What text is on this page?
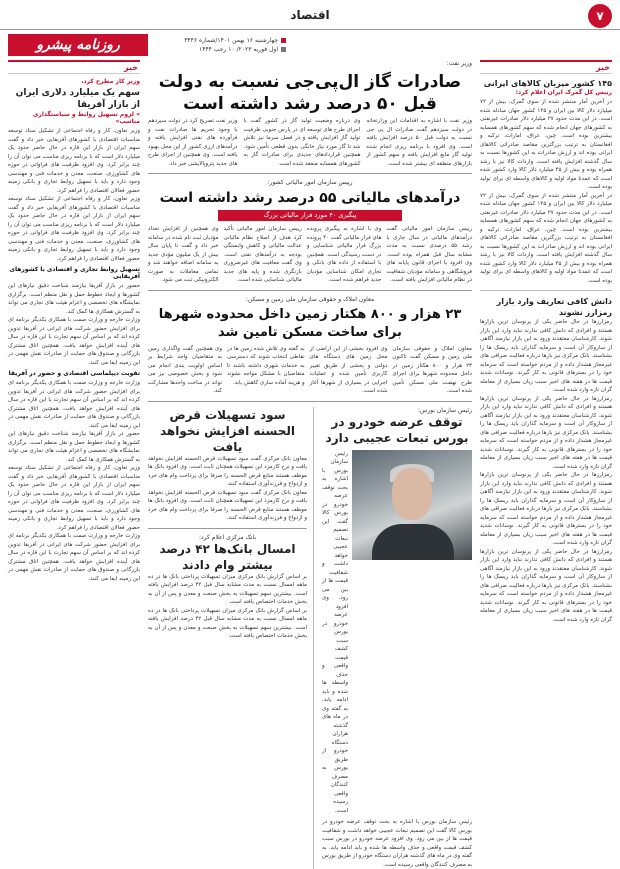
۷
اقتصاد
روزنامه پیشرو	چهارشنبه ۱۶ بهمن ۱۴۰۱/شماره ۳۴۴۶
اول فوریه ۲۰۲۳/ ۱۰ رجب ۱۴۴۴
خبر
۱۴۵ کشور میزبان کالاهای ایرانی
رییس کل گمرک ایران اعلام کرد:

در آخرین آمار منتشر شده از سوی گمرک، بیش از ۷۲ میلیارد دلار کالا بین ایران و ۱۴۵ کشور جهان مبادله شده است. در این مدت حدود ۲۷ میلیارد دلار صادرات غیرنفتی به کشورهای جهان انجام شده که سهم کشورهای همسایه بیشترین بوده است. چین، عراق، امارات، ترکیه و افغانستان به ترتیب بزرگترین مقاصد صادراتی کالاهای ایرانی بوده اند و ارزش صادرات به این کشورها نسبت به سال گذشته افزایش یافته است. واردات کالا نیز با رشد همراه بوده و بیش از ۴۵ میلیارد دلار کالا وارد کشور شده است که عمدتا مواد اولیه و کالاهای واسطه ای برای تولید بوده است.

در آخرین آمار منتشر شده از سوی گمرک، بیش از ۷۲ میلیارد دلار کالا بین ایران و ۱۴۵ کشور جهان مبادله شده است. در این مدت حدود ۲۷ میلیارد دلار صادرات غیرنفتی به کشورهای جهان انجام شده که سهم کشورهای همسایه بیشترین بوده است. چین، عراق، امارات، ترکیه و افغانستان به ترتیب بزرگترین مقاصد صادراتی کالاهای ایرانی بوده اند و ارزش صادرات به این کشورها نسبت به سال گذشته افزایش یافته است. واردات کالا نیز با رشد همراه بوده و بیش از ۴۵ میلیارد دلار کالا وارد کشور شده است که عمدتا مواد اولیه و کالاهای واسطه ای برای تولید بوده است.

دانش کافی تعاریف وارد بازار رمزارز نشوند

رمزارزها در حال حاضر یکی از پرنوسان ترین بازارها هستند و افرادی که دانش کافی ندارند نباید وارد این بازار شوند. کارشناسان معتقدند ورود به این بازار نیازمند آگاهی از سازوکار آن است و سرمایه گذاران باید ریسک ها را بشناسند. بانک مرکزی نیز بارها درباره فعالیت صرافی های غیرمجاز هشدار داده و از مردم خواسته است که سرمایه خود را در بسترهای قانونی به کار گیرند. نوسانات شدید قیمت ها در هفته های اخیر سبب زیان بسیاری از معامله گران تازه وارد شده است.

رمزارزها در حال حاضر یکی از پرنوسان ترین بازارها هستند و افرادی که دانش کافی ندارند نباید وارد این بازار شوند. کارشناسان معتقدند ورود به این بازار نیازمند آگاهی از سازوکار آن است و سرمایه گذاران باید ریسک ها را بشناسند. بانک مرکزی نیز بارها درباره فعالیت صرافی های غیرمجاز هشدار داده و از مردم خواسته است که سرمایه خود را در بسترهای قانونی به کار گیرند. نوسانات شدید قیمت ها در هفته های اخیر سبب زیان بسیاری از معامله گران تازه وارد شده است.

رمزارزها در حال حاضر یکی از پرنوسان ترین بازارها هستند و افرادی که دانش کافی ندارند نباید وارد این بازار شوند. کارشناسان معتقدند ورود به این بازار نیازمند آگاهی از سازوکار آن است و سرمایه گذاران باید ریسک ها را بشناسند. بانک مرکزی نیز بارها درباره فعالیت صرافی های غیرمجاز هشدار داده و از مردم خواسته است که سرمایه خود را در بسترهای قانونی به کار گیرند. نوسانات شدید قیمت ها در هفته های اخیر سبب زیان بسیاری از معامله گران تازه وارد شده است.

رمزارزها در حال حاضر یکی از پرنوسان ترین بازارها هستند و افرادی که دانش کافی ندارند نباید وارد این بازار شوند. کارشناسان معتقدند ورود به این بازار نیازمند آگاهی از سازوکار آن است و سرمایه گذاران باید ریسک ها را بشناسند. بانک مرکزی نیز بارها درباره فعالیت صرافی های غیرمجاز هشدار داده و از مردم خواسته است که سرمایه خود را در بسترهای قانونی به کار گیرند. نوسانات شدید قیمت ها در هفته های اخیر سبب زیان بسیاری از معامله گران تازه وارد شده است.

خبر
وزیر کار مطرح کرد،
سهم یک میلیارد دلاری ایران از بازار آفریقا
« لزوم تسهیل روابط و سیاستگذاری مناسب»

وزیر تعاون، کار و رفاه اجتماعی از تشکیل ستاد توسعه مناسبات اقتصادی با کشورهای آفریقایی خبر داد و گفت سهم ایران از بازار این قاره در حال حاضر حدود یک میلیارد دلار است که با برنامه ریزی مناسب می توان آن را چند برابر کرد. وی افزود ظرفیت های فراوانی در حوزه های کشاورزی، صنعت، معدن و خدمات فنی و مهندسی وجود دارد و باید با تسهیل روابط تجاری و بانکی زمینه حضور فعالان اقتصادی را فراهم کرد.

وزیر تعاون، کار و رفاه اجتماعی از تشکیل ستاد توسعه مناسبات اقتصادی با کشورهای آفریقایی خبر داد و گفت سهم ایران از بازار این قاره در حال حاضر حدود یک میلیارد دلار است که با برنامه ریزی مناسب می توان آن را چند برابر کرد. وی افزود ظرفیت های فراوانی در حوزه های کشاورزی، صنعت، معدن و خدمات فنی و مهندسی وجود دارد و باید با تسهیل روابط تجاری و بانکی زمینه حضور فعالان اقتصادی را فراهم کرد.

تسهیل روابط تجاری و اقتصادی با کشورهای آفریقایی

حضور در بازار آفریقا نیازمند شناخت دقیق نیازهای این کشورها و ایجاد خطوط حمل و نقل منظم است. برگزاری نمایشگاه های تخصصی و اعزام هیئت های تجاری می تواند به گسترش همکاری ها کمک کند.

وزارت خارجه و وزارت صمت با همکاری یکدیگر برنامه ای برای افزایش حضور شرکت های ایرانی در آفریقا تدوین کرده اند که بر اساس آن سهم تجارت با این قاره در سال های آینده افزایش خواهد یافت. همچنین اتاق مشترک بازرگانی و صندوق های حمایت از صادرات نقش مهمی در این زمینه ایفا می کنند.

تقویت دیپلماسی اقتصادی و حضور در آفریقا

وزارت خارجه و وزارت صمت با همکاری یکدیگر برنامه ای برای افزایش حضور شرکت های ایرانی در آفریقا تدوین کرده اند که بر اساس آن سهم تجارت با این قاره در سال های آینده افزایش خواهد یافت. همچنین اتاق مشترک بازرگانی و صندوق های حمایت از صادرات نقش مهمی در این زمینه ایفا می کنند.

حضور در بازار آفریقا نیازمند شناخت دقیق نیازهای این کشورها و ایجاد خطوط حمل و نقل منظم است. برگزاری نمایشگاه های تخصصی و اعزام هیئت های تجاری می تواند به گسترش همکاری ها کمک کند.

وزیر تعاون، کار و رفاه اجتماعی از تشکیل ستاد توسعه مناسبات اقتصادی با کشورهای آفریقایی خبر داد و گفت سهم ایران از بازار این قاره در حال حاضر حدود یک میلیارد دلار است که با برنامه ریزی مناسب می توان آن را چند برابر کرد. وی افزود ظرفیت های فراوانی در حوزه های کشاورزی، صنعت، معدن و خدمات فنی و مهندسی وجود دارد و باید با تسهیل روابط تجاری و بانکی زمینه حضور فعالان اقتصادی را فراهم کرد.

وزارت خارجه و وزارت صمت با همکاری یکدیگر برنامه ای برای افزایش حضور شرکت های ایرانی در آفریقا تدوین کرده اند که بر اساس آن سهم تجارت با این قاره در سال های آینده افزایش خواهد یافت. همچنین اتاق مشترک بازرگانی و صندوق های حمایت از صادرات نقش مهمی در این زمینه ایفا می کنند.

وزیر نفت:
صادرات گاز ال‌پی‌جی نسبت به دولت قبل ۵۰ درصد رشد داشته است

وزیر نفت با اشاره به اقدامات این وزارتخانه در دولت سیزدهم گفت صادرات ال پی جی نسبت به دولت قبل ۵۰ درصد افزایش یافته است. وی افزود با برنامه ریزی انجام شده تولید گاز مایع افزایش یافته و سهم کشور از بازارهای منطقه ای بیشتر شده است.

وی درباره وضعیت تولید گاز در کشور گفت با اجرای طرح های توسعه ای در پارس جنوبی ظرفیت تولید گاز افزایش یافته و در فصل سرما نیز تلاش شد تا گاز مورد نیاز خانگی بدون قطعی تأمین شود. همچنین قراردادهای جدیدی برای صادرات گاز به کشورهای همسایه منعقد شده است.

وزیر نفت تصریح کرد در دولت سیزدهم با وجود تحریم ها صادرات نفت و فرآورده های نفتی افزایش یافته و درآمدهای ارزی کشور از این محل بهبود یافته است. وی همچنین از اجرای طرح های جدید پتروپالایشی خبر داد.

رییس سازمان امور مالیاتی کشور:
درآمدهای مالیاتی ۵۵ درصد رشد داشته است
پیگیری ۴۰ مورد فرار مالیاتی بزرگ

رییس سازمان امور مالیاتی گفت درآمدهای مالیاتی در سال جاری با رشد ۵۵ درصدی نسبت به مدت مشابه سال قبل همراه بوده است. وی افزود با اجرای قانون پایانه های فروشگاهی و سامانه مؤدیان شفافیت در نظام مالیاتی افزایش یافته است.

وی با اشاره به پیگیری پرونده های فرار مالیاتی گفت ۴۰ پرونده بزرگ فرار مالیاتی شناسایی و در دست رسیدگی است. همچنین با استفاده از داده های بانکی و تجاری امکان شناسایی مؤدیان جدید فراهم شده است.

رییس سازمان امور مالیاتی تأکید کرد هدف از اصلاح نظام مالیاتی عدالت مالیاتی و کاهش وابستگی بودجه به درآمدهای نفتی است. وی گفت معافیت های غیرضروری بازنگری شده و پایه های جدید مالیاتی شناسایی شده است.

وی همچنین از افزایش تعداد مؤدیان ثبت نام شده در سامانه خبر داد و گفت تا پایان سال بیش از یک میلیون مؤدی جدید به سامانه اضافه خواهند شد و تمامی معاملات به صورت الکترونیکی ثبت می شود.

معاون املاک و حقوقی سازمان ملی زمین و مسکن:
۲۳ هزار و ۸۰۰ هکتار زمین داخل محدوده شهرها برای ساخت مسکن تامین شد

معاون املاک و حقوقی سازمان ملی زمین و مسکن گفت تاکنون ۲۳ هزار و ۸۰۰ هکتار زمین در داخل محدوده شهرها برای اجرای طرح نهضت ملی مسکن تأمین شده است.

وی افزود بخشی از این اراضی از محل زمین های دستگاه های دولتی و بخشی از طریق تغییر کاربری تأمین شده و عملیات اجرایی در بسیاری از شهرها آغاز شده است.

به گفته وی تلاش شده زمین ها در نقاطی انتخاب شوند که دسترسی به خدمات شهری داشته باشند تا متقاضیان با مشکل مواجه نشوند و هزینه آماده سازی کاهش یابد.

وی همچنین گفت واگذاری زمین به متقاضیان واجد شرایط بر اساس اولویت بندی انجام می شود و بخش خصوصی نیز می تواند در ساخت واحدها مشارکت کند.

رئیس سازمان بورس:
توقف عرضه خودرو در بورس تبعات عجیبی دارد

رئیس سازمان بورس با اشاره به بحث توقف عرضه خودرو در بورس کالا گفت این تصمیم تبعات عجیبی خواهد داشت و شفافیت قیمت ها از بین می رود. وی افزود عرضه خودرو در بورس سبب کشف قیمت واقعی و حذف واسطه ها شده و باید ادامه یابد. به گفته وی در ماه های گذشته هزاران دستگاه خودرو از طریق بورس به مصرف کنندگان واقعی رسیده است.

رئیس سازمان بورس با اشاره به بحث توقف عرضه خودرو در بورس کالا گفت این تصمیم تبعات عجیبی خواهد داشت و شفافیت قیمت ها از بین می رود. وی افزود عرضه خودرو در بورس سبب کشف قیمت واقعی و حذف واسطه ها شده و باید ادامه یابد. به گفته وی در ماه های گذشته هزاران دستگاه خودرو از طریق بورس به مصرف کنندگان واقعی رسیده است.

سود تسهیلات قرض الحسنه افزایش نخواهد یافت

معاون بانک مرکزی گفت سود تسهیلات قرض الحسنه افزایش نخواهد یافت و نرخ کارمزد این تسهیلات همچنان ثابت است. وی افزود بانک ها موظف هستند منابع قرض الحسنه را صرفا برای پرداخت وام های خرد و ازدواج و فرزندآوری استفاده کنند.

معاون بانک مرکزی گفت سود تسهیلات قرض الحسنه افزایش نخواهد یافت و نرخ کارمزد این تسهیلات همچنان ثابت است. وی افزود بانک ها موظف هستند منابع قرض الحسنه را صرفا برای پرداخت وام های خرد و ازدواج و فرزندآوری استفاده کنند.

بانک مرکزی اعلام کرد:
امسال بانک‌ها ۴۲ درصد بیشتر وام دادند

بر اساس گزارش بانک مرکزی میزان تسهیلات پرداختی بانک ها در ده ماهه امسال نسبت به مدت مشابه سال قبل ۴۲ درصد افزایش یافته است. بیشترین سهم تسهیلات به بخش صنعت و معدن و پس از آن به بخش خدمات اختصاص یافته است.

بر اساس گزارش بانک مرکزی میزان تسهیلات پرداختی بانک ها در ده ماهه امسال نسبت به مدت مشابه سال قبل ۴۲ درصد افزایش یافته است. بیشترین سهم تسهیلات به بخش صنعت و معدن و پس از آن به بخش خدمات اختصاص یافته است.
